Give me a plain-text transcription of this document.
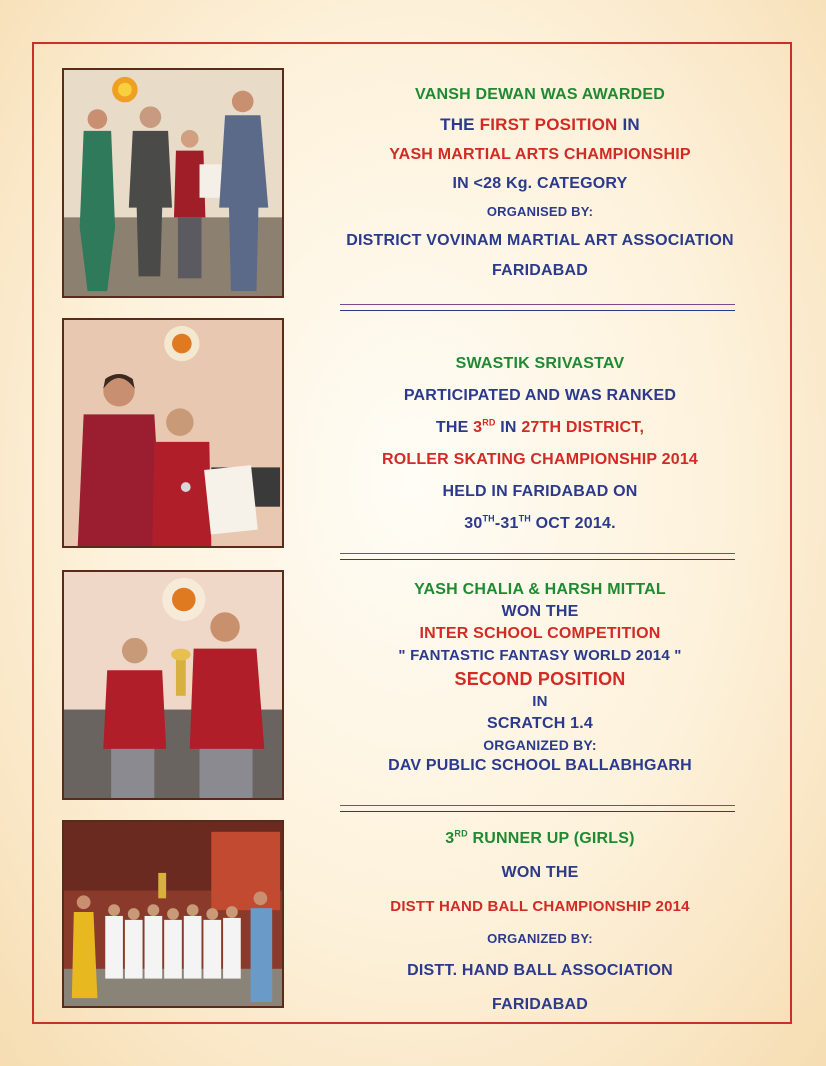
VANSH DEWAN WAS AWARDED
THE FIRST POSITION IN
YASH MARTIAL ARTS CHAMPIONSHIP
IN <28 Kg. CATEGORY
ORGANISED BY:
DISTRICT VOVINAM MARTIAL ART ASSOCIATION
FARIDABAD
SWASTIK SRIVASTAV
PARTICIPATED AND WAS RANKED
THE 3RD IN 27TH DISTRICT,
ROLLER SKATING CHAMPIONSHIP 2014
HELD IN FARIDABAD ON
30TH-31TH OCT 2014.
YASH CHALIA & HARSH MITTAL
WON THE
INTER SCHOOL COMPETITION
" FANTASTIC FANTASY WORLD 2014 "
SECOND POSITION
IN
SCRATCH 1.4
ORGANIZED BY:
DAV PUBLIC SCHOOL BALLABHGARH
3RD RUNNER UP (GIRLS)
WON THE
DISTT HAND BALL CHAMPIONSHIP 2014
ORGANIZED BY:
DISTT. HAND BALL ASSOCIATION
FARIDABAD
